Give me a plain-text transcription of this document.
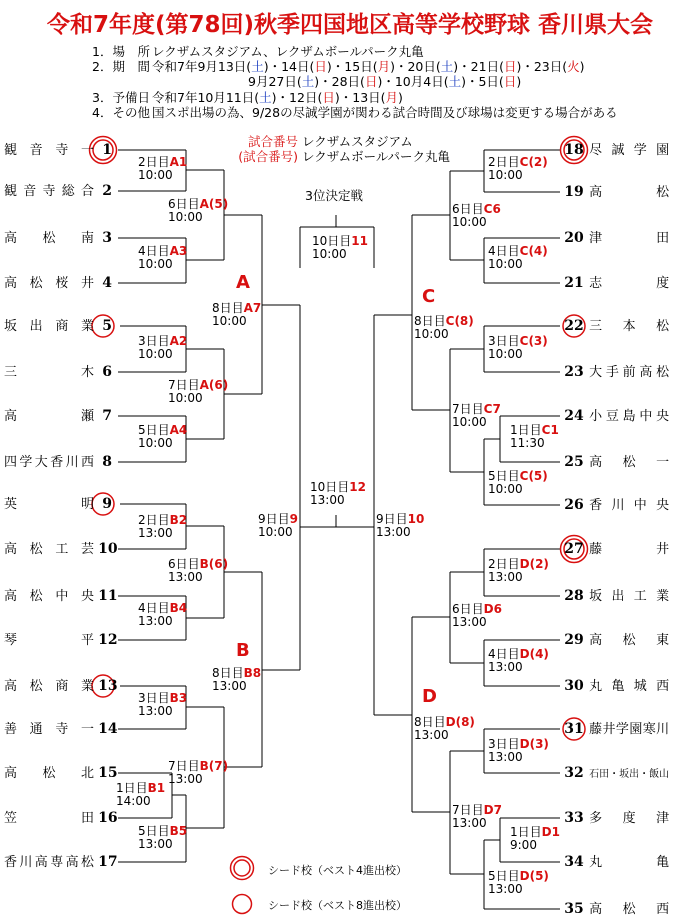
令和7年度(第78回)秋季四国地区高等学校野球 香川県大会
1．場　所 レクザムスタジアム、レクザムボールパーク丸亀
2．期　間 令和7年9月13日(土)・14日(日)・15日(月)・20日(土)・21日(日)・23日(火)
9月27日(土)・28日(日)・10月4日(土)・5日(日)
3．予備日 令和7年10月11日(土)・12日(日)・13日(月)
4．その他 国スポ出場の為、9/28の尽誠学園が関わる試合時間及び球場は変更する場合がある
試合番号 レクザムスタジアム
(試合番号) レクザムボールパーク丸亀
3位決定戦
10日目11
10:00
A
B
C
D
観音寺一 1
観音寺総合 2
高松南 3
高松桜井 4
坂出商業 5
三木 6
高瀬 7
四学大香川西 8
英明 9
高松工芸 10
高松中央 11
琴平 12
高松商業 13
善通寺一 14
高松北 15
笠田 16
香川高専高松 17
18 尽誠学園
19 高松
20 津田
21 志度
22 三本松
23 大手前高松
24 小豆島中央
25 高松一
26 香川中央
27 藤井
28 坂出工業
29 高松東
30 丸亀城西
31 藤井学園寒川
32 石田・坂出・飯山
33 多度津
34 丸亀
35 高松西
2日目A1
10:00
6日目A(5)
10:00
4日目A3
10:00
8日目A7
10:00
3日目A2
10:00
7日目A(6)
10:00
5日目A4
10:00
2日目B2
13:00
6日目B(6)
13:00
4日目B4
13:00
8日目B8
13:00
3日目B3
13:00
7日目B(7)
13:00
1日目B1
14:00
5日目B5
13:00
2日目C(2)
10:00
6日目C6
10:00
4日目C(4)
10:00
8日目C(8)
10:00	3日目C(3)
10:00
7日目C7
10:00
1日目C1
11:30
5日目C(5)
10:00
2日目D(2)
13:00
6日目D6
13:00
4日目D(4)
13:00
8日目D(8)
13:00
3日目D(3)
13:00
7日目D7
13:00
1日目D1
9:00
5日目D(5)
13:00
9日目9
10:00
9日目10
13:00
10日目12
13:00
シード校（ベスト4進出校）
シード校（ベスト8進出校）
